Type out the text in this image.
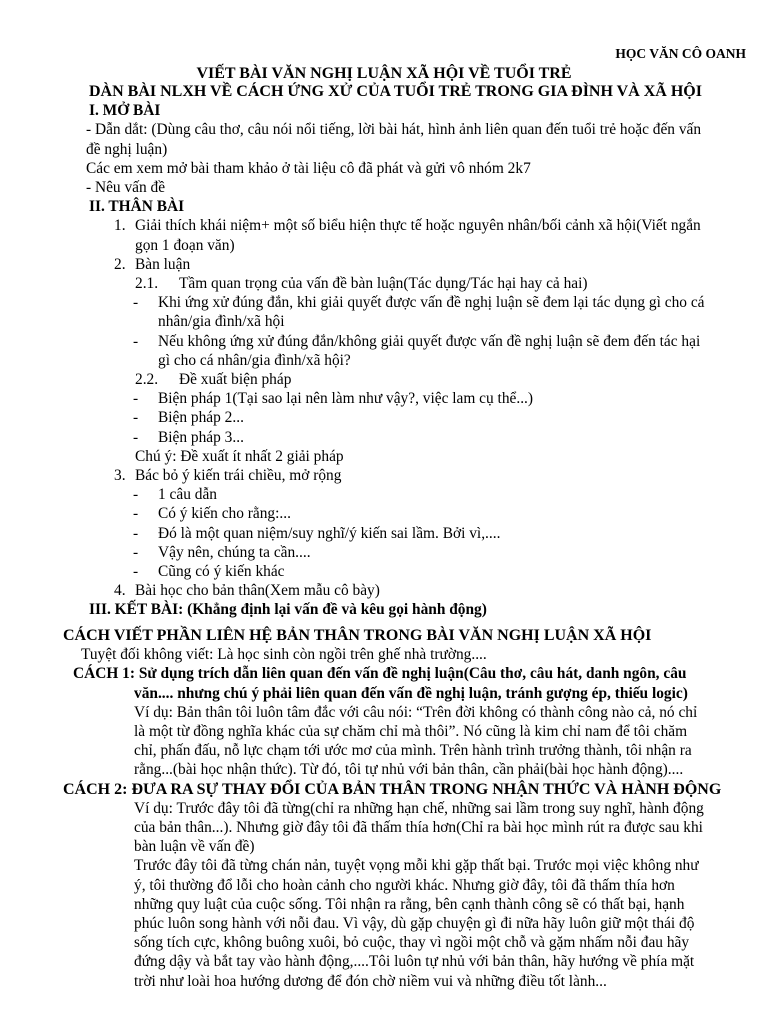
HỌC VĂN CÔ OANH
VIẾT BÀI VĂN NGHỊ LUẬN XÃ HỘI VỀ TUỔI TRẺ
DÀN BÀI NLXH VỀ CÁCH ỨNG XỬ CỦA TUỔI TRẺ TRONG GIA ĐÌNH VÀ XÃ HỘI
I. MỞ BÀI
- Dẫn dắt: (Dùng câu thơ, câu nói nổi tiếng, lời bài hát, hình ảnh liên quan đến tuổi trẻ hoặc đến vấn
đề nghị luận)
Các em xem mở bài tham khảo ở tài liệu cô đã phát và gửi vô nhóm 2k7
- Nêu vấn đề
II. THÂN BÀI
1. Giải thích khái niệm+ một số biểu hiện thực tế hoặc nguyên nhân/bối cảnh xã hội(Viết ngắn
gọn 1 đoạn văn)
2. Bàn luận
2.1. Tầm quan trọng của vấn đề bàn luận(Tác dụng/Tác hại hay cả hai)
- Khi ứng xử đúng đắn, khi giải quyết được vấn đề nghị luận sẽ đem lại tác dụng gì cho cá
nhân/gia đình/xã hội
- Nếu không ứng xử đúng đắn/không giải quyết được vấn đề nghị luận sẽ đem đến tác hại
gì cho cá nhân/gia đình/xã hội?
2.2. Đề xuất biện pháp
- Biện pháp 1(Tại sao lại nên làm như vậy?, việc lam cụ thể...)
- Biện pháp 2...
- Biện pháp 3...
Chú ý: Đề xuất ít nhất 2 giải pháp
3. Bác bỏ ý kiến trái chiều, mở rộng
- 1 câu dẫn
- Có ý kiến cho rằng:...
- Đó là một quan niệm/suy nghĩ/ý kiến sai lầm. Bởi vì,....
- Vậy nên, chúng ta cần....
- Cũng có ý kiến khác
4. Bài học cho bản thân(Xem mẫu cô bày)
III. KẾT BÀI: (Khẳng định lại vấn đề và kêu gọi hành động)
CÁCH VIẾT PHẦN LIÊN HỆ BẢN THÂN TRONG BÀI VĂN NGHỊ LUẬN XÃ HỘI
Tuyệt đối không viết: Là học sinh còn ngồi trên ghế nhà trường....
CÁCH 1: Sử dụng trích dẫn liên quan đến vấn đề nghị luận(Câu thơ, câu hát, danh ngôn, câu
văn.... nhưng chú ý phải liên quan đến vấn đề nghị luận, tránh gượng ép, thiếu logic)
Ví dụ: Bản thân tôi luôn tâm đắc với câu nói: “Trên đời không có thành công nào cả, nó chỉ
là một từ đồng nghĩa khác của sự chăm chỉ mà thôi”. Nó cũng là kim chỉ nam để tôi chăm
chỉ, phấn đấu, nỗ lực chạm tới ước mơ của mình. Trên hành trình trưởng thành, tôi nhận ra
rằng...(bài học nhận thức). Từ đó, tôi tự nhủ với bản thân, cần phải(bài học hành động)....
CÁCH 2: ĐƯA RA SỰ THAY ĐỔI CỦA BẢN THÂN TRONG NHẬN THỨC VÀ HÀNH ĐỘNG
Ví dụ: Trước đây tôi đã từng(chỉ ra những hạn chế, những sai lầm trong suy nghĩ, hành động
của bản thân...). Nhưng giờ đây tôi đã thấm thía hơn(Chỉ ra bài học mình rút ra được sau khi
bàn luận về vấn đề)
Trước đây tôi đã từng chán nản, tuyệt vọng mỗi khi gặp thất bại. Trước mọi việc không như
ý, tôi thường đổ lỗi cho hoàn cảnh cho người khác. Nhưng giờ đây, tôi đã thấm thía hơn
những quy luật của cuộc sống. Tôi nhận ra rằng, bên cạnh thành công sẽ có thất bại, hạnh
phúc luôn song hành với nỗi đau. Vì vậy, dù gặp chuyện gì đi nữa hãy luôn giữ một thái độ
sống tích cực, không buông xuôi, bỏ cuộc, thay vì ngồi một chỗ và gặm nhấm nỗi đau hãy
đứng dậy và bắt tay vào hành động,....Tôi luôn tự nhủ với bản thân, hãy hướng về phía mặt
trời như loài hoa hướng dương để đón chờ niềm vui và những điều tốt lành...
